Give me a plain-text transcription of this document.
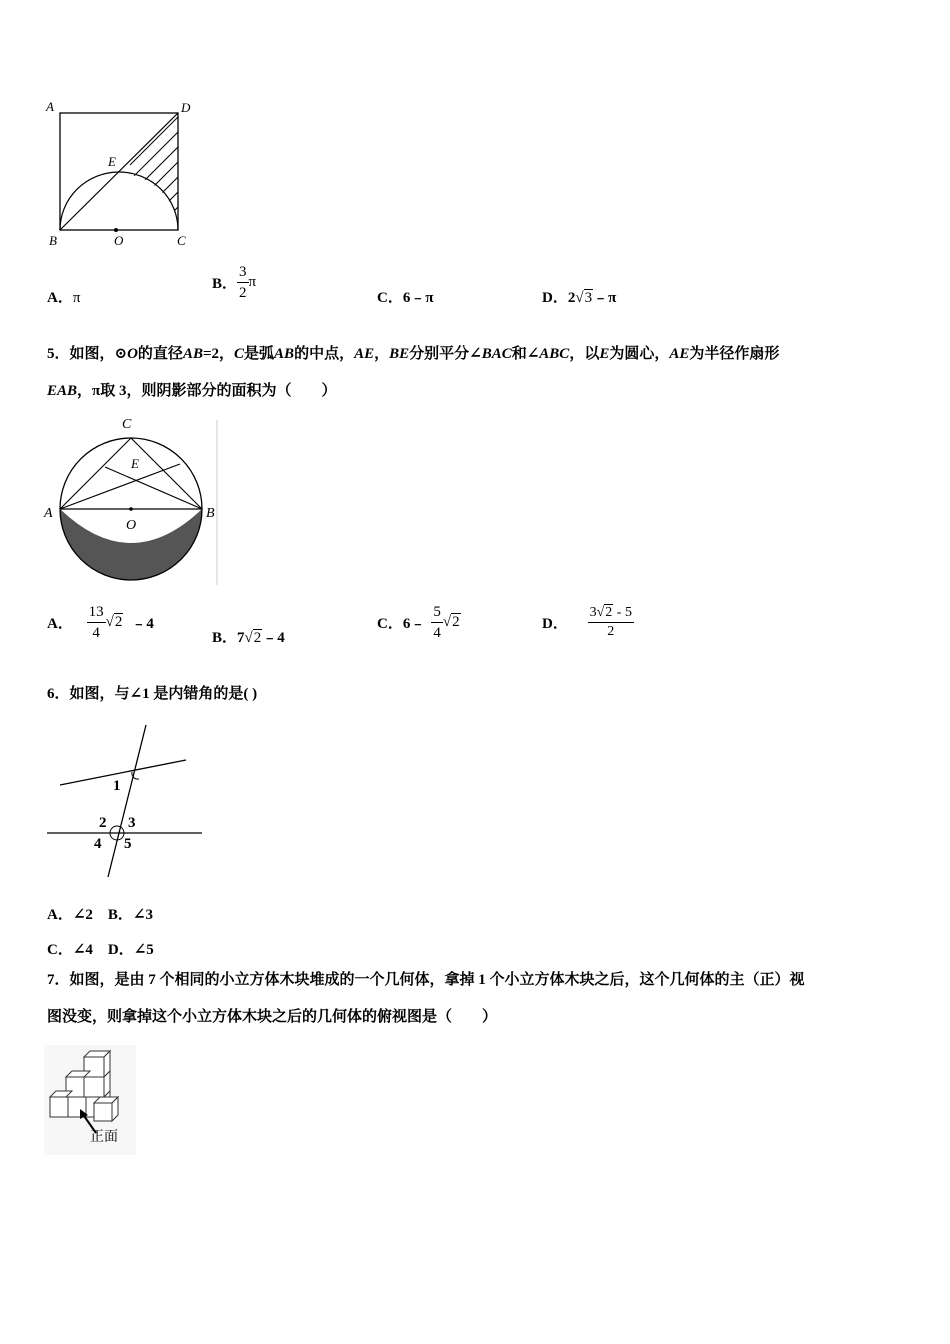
A	D
E
B	O	C
A．π
B． $\frac{3}{2}$ π
C．6﹣π	D．2√3﹣π
5．如图，⊙O的直径AB=2，C是弧AB的中点，AE，BE分别平分∠BAC和∠ABC，以E为圆心，AE为半径作扇形
EAB，π取 3，则阴影部分的面积为（　　）
C
E
A	B
O
A． $\frac{13}{4} √2$ ﹣4
B．7√2﹣4
C．6﹣ $\frac{5}{4} √2$	D． $\frac{3√2 - 5}{2}$
6．如图，与∠1 是内错角的是( )
1
2 3
4 5
A．∠2　B．∠3
C．∠4　D．∠5
7．如图，是由 7 个相同的小立方体木块堆成的一个几何体，拿掉 1 个小立方体木块之后，这个几何体的主（正）视
图没变，则拿掉这个小立方体木块之后的几何体的俯视图是（　　）
正面
